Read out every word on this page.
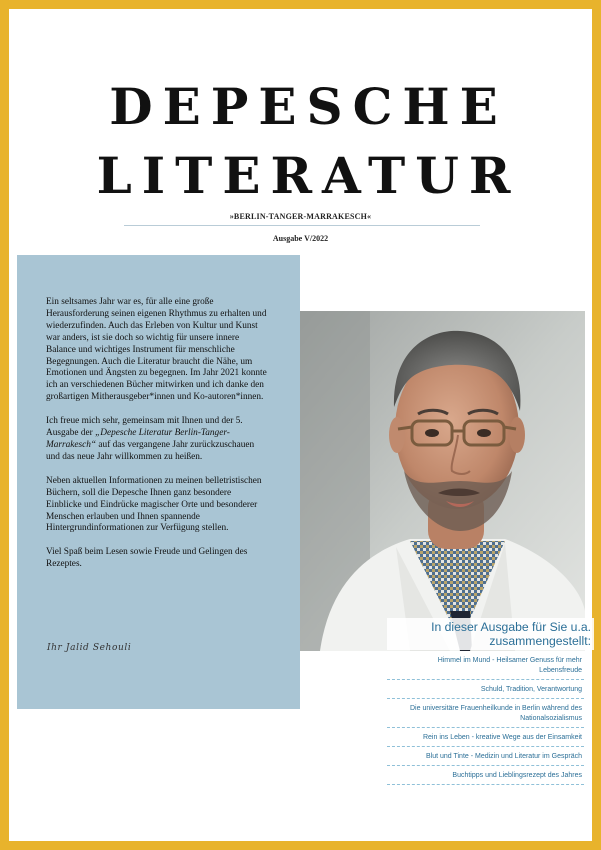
DEPESCHE
LITERATUR
»BERLIN-TANGER-MARRAKESCH«
Ausgabe V/2022

Ein seltsames Jahr war es, für alle eine große Herausforderung seinen eigenen Rhythmus zu erhalten und wiederzufinden. Auch das Erleben von Kultur und Kunst war anders, ist sie doch so wichtig für unsere innere Balance und wichtiges Instrument für menschliche Begegnungen. Auch die Literatur braucht die Nähe, um Emotionen und Ängsten zu begegnen. Im Jahr 2021 konnte ich an verschiedenen Bücher mitwirken und ich danke den großartigen Mitherausgeber*innen und Ko-autoren*innen.

Ich freue mich sehr, gemeinsam mit Ihnen und der 5. Ausgabe der „Depesche Literatur Berlin-Tanger-Marrakesch“ auf das vergangene Jahr zurückzuschauen und das neue Jahr willkommen zu heißen.

Neben aktuellen Informationen zu meinen belletristischen Büchern, soll die Depesche Ihnen ganz besondere Einblicke und Eindrücke magischer Orte und besonderer Menschen erlauben und Ihnen spannende Hintergrundinformationen zur Verfügung stellen.

Viel Spaß beim Lesen sowie Freude und Gelingen des Rezeptes.

Ihr Jalid Sehouli
In dieser Ausgabe für Sie u.a. zusammengestellt:
Himmel im Mund - Heilsamer Genuss für mehr Lebensfreude
Schuld, Tradition, Verantwortung
Die universitäre Frauenheilkunde in Berlin während des Nationalsozialismus
Rein ins Leben - kreative Wege aus der Einsamkeit
Blut und Tinte - Medizin und Literatur im Gespräch
Buchtipps und Lieblingsrezept des Jahres
